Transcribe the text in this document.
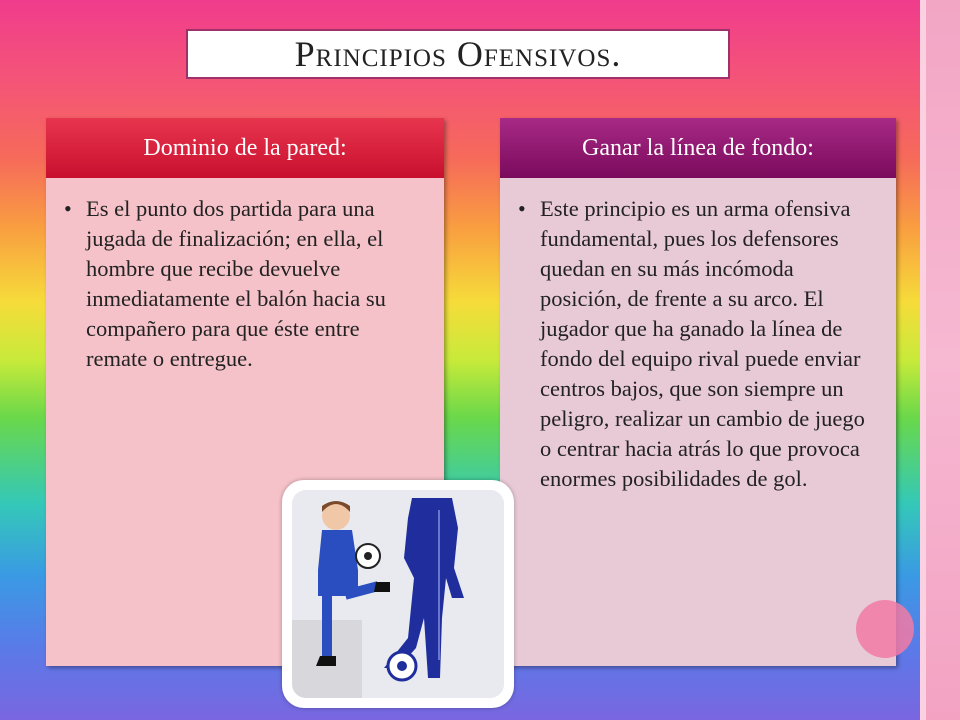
Principios Ofensivos.
Dominio de la pared:
• Es el punto dos partida para una jugada de finalización; en ella, el hombre que recibe devuelve inmediatamente el balón hacia su compañero para que éste entre remate o entregue.
Ganar la línea de fondo:
• Este principio es un arma ofensiva fundamental, pues los defensores quedan en su más incómoda posición, de frente a su arco. El jugador que ha ganado la línea de fondo del equipo rival puede enviar centros bajos, que son siempre un peligro, realizar un cambio de juego o centrar hacia atrás lo que provoca enormes posibilidades de gol.
